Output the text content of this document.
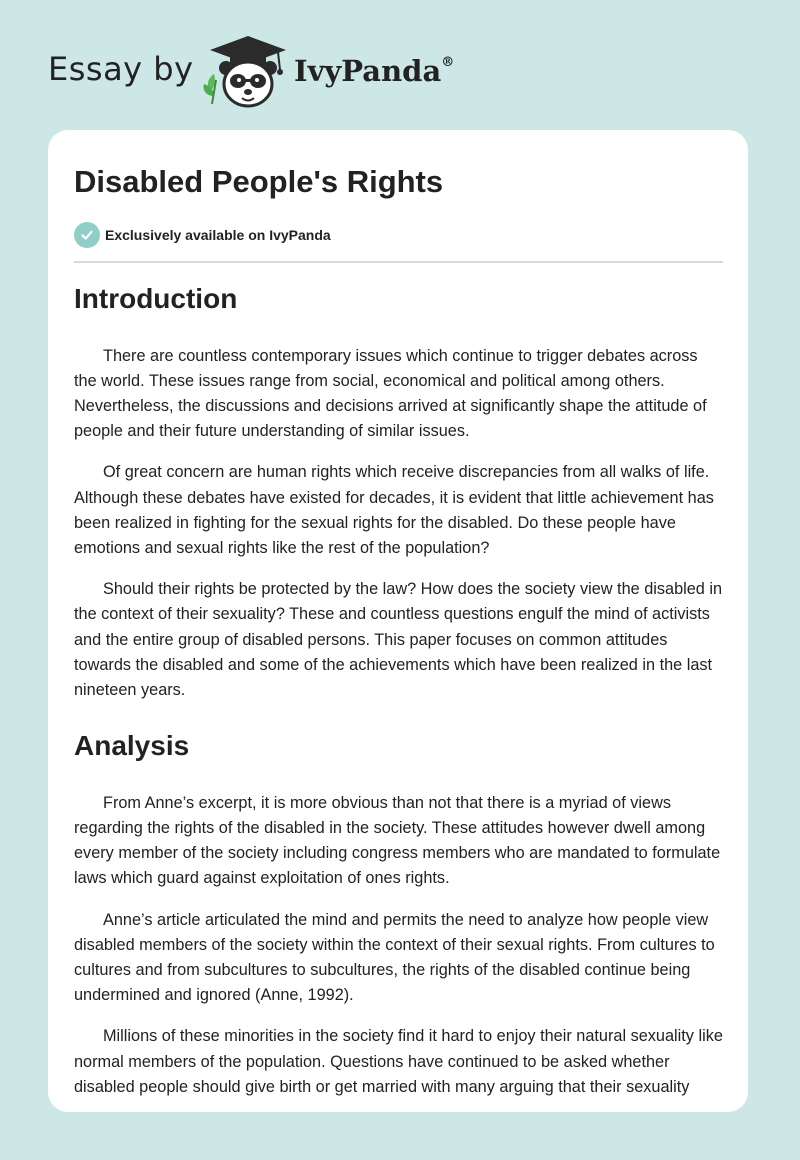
Essay by	IvyPanda®
Disabled People's Rights
Exclusively available on IvyPanda
Introduction

There are countless contemporary issues which continue to trigger debates across the world. These issues range from social, economical and political among others. Nevertheless, the discussions and decisions arrived at significantly shape the attitude of people and their future understanding of similar issues.

Of great concern are human rights which receive discrepancies from all walks of life. Although these debates have existed for decades, it is evident that little achievement has been realized in fighting for the sexual rights for the disabled. Do these people have emotions and sexual rights like the rest of the population?

Should their rights be protected by the law? How does the society view the disabled in the context of their sexuality? These and countless questions engulf the mind of activists and the entire group of disabled persons. This paper focuses on common attitudes towards the disabled and some of the achievements which have been realized in the last nineteen years.

Analysis

From Anne’s excerpt, it is more obvious than not that there is a myriad of views regarding the rights of the disabled in the society. These attitudes however dwell among every member of the society including congress members who are mandated to formulate laws which guard against exploitation of ones rights.

Anne’s article articulated the mind and permits the need to analyze how people view disabled members of the society within the context of their sexual rights. From cultures to cultures and from subcultures to subcultures, the rights of the disabled continue being undermined and ignored (Anne, 1992).

Millions of these minorities in the society find it hard to enjoy their natural sexuality like normal members of the population. Questions have continued to be asked whether disabled people should give birth or get married with many arguing that their sexuality
